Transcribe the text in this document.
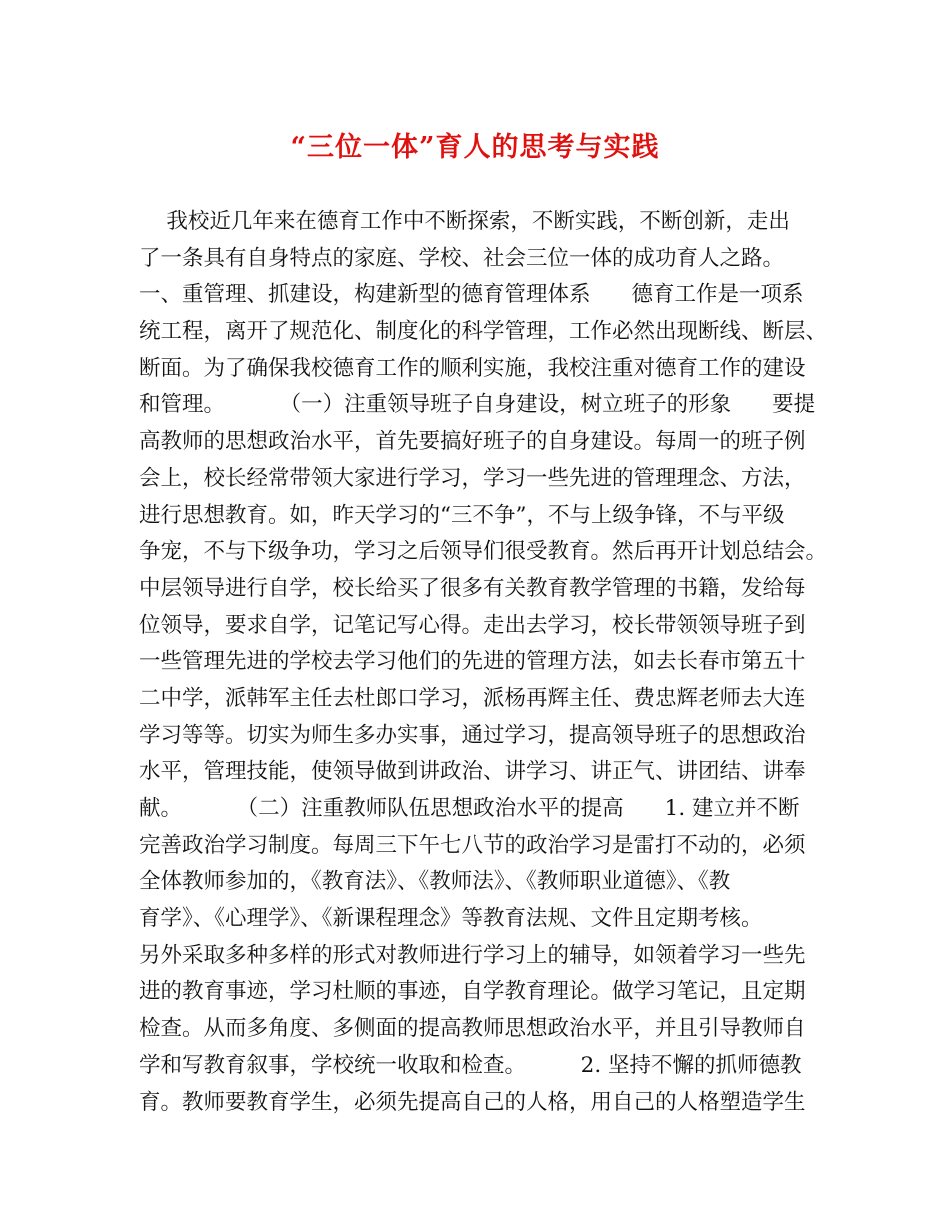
“三位一体”育人的思考与实践
我校近几年来在德育工作中不断探索，不断实践，不断创新，走出
了一条具有自身特点的家庭、学校、社会三位一体的成功育人之路。
一、重管理、抓建设，构建新型的德育管理体系      德育工作是一项系
统工程，离开了规范化、制度化的科学管理，工作必然出现断线、断层、
断面。为了确保我校德育工作的顺利实施，我校注重对德育工作的建设
和管理。        （一）注重领导班子自身建设，树立班子的形象      要提
高教师的思想政治水平，首先要搞好班子的自身建设。每周一的班子例
会上，校长经常带领大家进行学习，学习一些先进的管理理念、方法，
进行思想教育。如，昨天学习的“三不争”，不与上级争锋，不与平级
争宠，不与下级争功，学习之后领导们很受教育。然后再开计划总结会。
中层领导进行自学，校长给买了很多有关教育教学管理的书籍，发给每
位领导，要求自学，记笔记写心得。走出去学习，校长带领领导班子到
一些管理先进的学校去学习他们的先进的管理方法，如去长春市第五十
二中学，派韩军主任去杜郎口学习，派杨再辉主任、费忠辉老师去大连
学习等等。切实为师生多办实事，通过学习，提高领导班子的思想政治
水平，管理技能，使领导做到讲政治、讲学习、讲正气、讲团结、讲奉
献。        （二）注重教师队伍思想政治水平的提高      1. 建立并不断
完善政治学习制度。每周三下午七八节的政治学习是雷打不动的，必须
全体教师参加的，《教育法》、《教师法》、《教师职业道德》、《教
育学》、《心理学》、《新课程理念》等教育法规、文件且定期考核。
另外采取多种多样的形式对教师进行学习上的辅导，如领着学习一些先
进的教育事迹，学习杜顺的事迹，自学教育理论。做学习笔记，且定期
检查。从而多角度、多侧面的提高教师思想政治水平，并且引导教师自
学和写教育叙事，学校统一收取和检查。        2. 坚持不懈的抓师德教
育。教师要教育学生，必须先提高自己的人格，用自己的人格塑造学生
